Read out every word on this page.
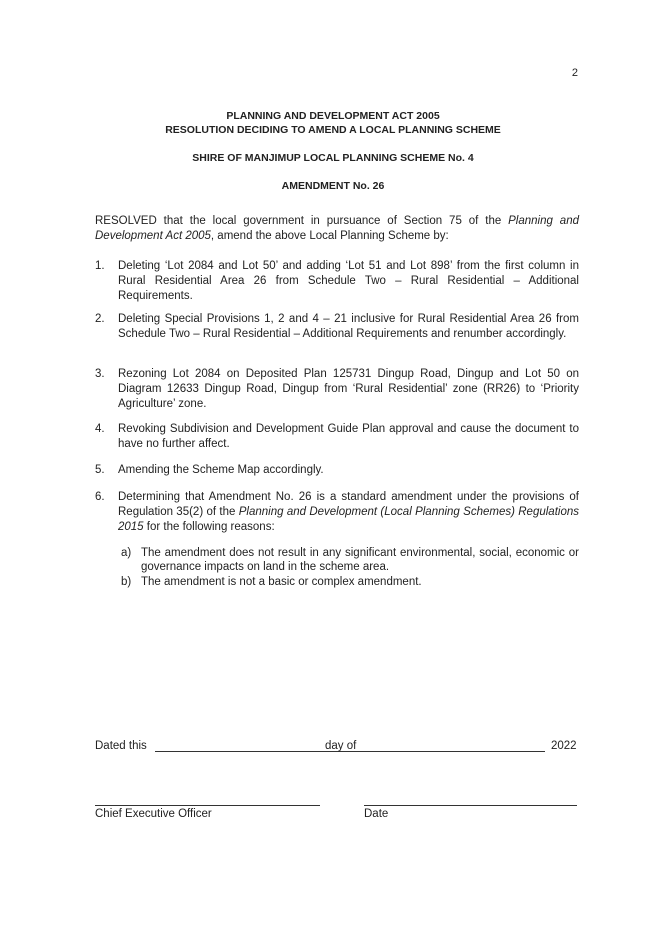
2
PLANNING AND DEVELOPMENT ACT 2005
RESOLUTION DECIDING TO AMEND A LOCAL PLANNING SCHEME
SHIRE OF MANJIMUP LOCAL PLANNING SCHEME No. 4
AMENDMENT No. 26
RESOLVED that the local government in pursuance of Section 75 of the Planning and Development Act 2005, amend the above Local Planning Scheme by:
1. Deleting ‘Lot 2084 and Lot 50’ and adding ‘Lot 51 and Lot 898’ from the first column in Rural Residential Area 26 from Schedule Two – Rural Residential – Additional Requirements.
2. Deleting Special Provisions 1, 2 and 4 – 21 inclusive for Rural Residential Area 26 from Schedule Two – Rural Residential – Additional Requirements and renumber accordingly.
3. Rezoning Lot 2084 on Deposited Plan 125731 Dingup Road, Dingup and Lot 50 on Diagram 12633 Dingup Road, Dingup from ‘Rural Residential’ zone (RR26) to ‘Priority Agriculture’ zone.
4. Revoking Subdivision and Development Guide Plan approval and cause the document to have no further affect.
5. Amending the Scheme Map accordingly.
6. Determining that Amendment No. 26 is a standard amendment under the provisions of Regulation 35(2) of the Planning and Development (Local Planning Schemes) Regulations 2015 for the following reasons:
a) The amendment does not result in any significant environmental, social, economic or governance impacts on land in the scheme area.
b) The amendment is not a basic or complex amendment.
Dated this	day of	2022
Chief Executive Officer	Date
